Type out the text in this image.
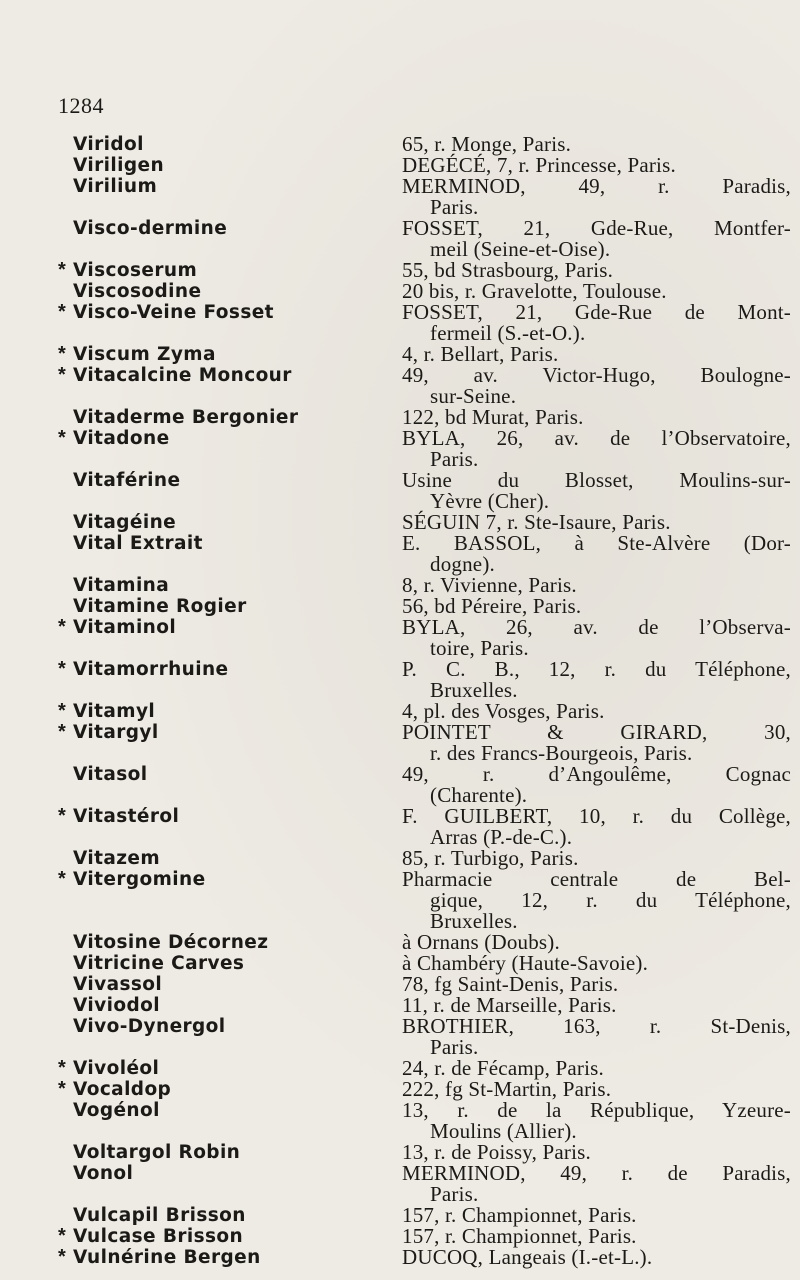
1284
Viridol	65, r. Monge, Paris.
Viriligen	DEGÉCÉ, 7, r. Princesse, Paris.
Virilium	MERMINOD, 49, r. Paradis,
Paris.
Visco-dermine	FOSSET, 21, Gde-Rue, Montfer-
meil (Seine-et-Oise).
* Viscoserum	55, bd Strasbourg, Paris.
Viscosodine	20 bis, r. Gravelotte, Toulouse.
* Visco-Veine Fosset	FOSSET, 21, Gde-Rue de Mont-
fermeil (S.-et-O.).
* Viscum Zyma	4, r. Bellart, Paris.
* Vitacalcine Moncour	49, av. Victor-Hugo, Boulogne-
sur-Seine.
Vitaderme Bergonier	122, bd Murat, Paris.
* Vitadone	BYLA, 26, av. de l’Observatoire,
Paris.
Vitaférine	Usine du Blosset, Moulins-sur-
Yèvre (Cher).
Vitagéine	SÉGUIN 7, r. Ste-Isaure, Paris.
Vital Extrait	E. BASSOL, à Ste-Alvère (Dor-
dogne).
Vitamina	8, r. Vivienne, Paris.
Vitamine Rogier	56, bd Péreire, Paris.
* Vitaminol	BYLA, 26, av. de l’Observa-
toire, Paris.
* Vitamorrhuine	P. C. B., 12, r. du Téléphone,
Bruxelles.
* Vitamyl	4, pl. des Vosges, Paris.
* Vitargyl	POINTET & GIRARD, 30,
r. des Francs-Bourgeois, Paris.
Vitasol	49, r. d’Angoulême, Cognac
(Charente).
* Vitastérol	F. GUILBERT, 10, r. du Collège,
Arras (P.-de-C.).
Vitazem	85, r. Turbigo, Paris.
* Vitergomine	Pharmacie centrale de Bel-
gique, 12, r. du Téléphone,
Bruxelles.
Vitosine Décornez	à Ornans (Doubs).
Vitricine Carves	à Chambéry (Haute-Savoie).
Vivassol	78, fg Saint-Denis, Paris.
Viviodol	11, r. de Marseille, Paris.
Vivo-Dynergol	BROTHIER, 163, r. St-Denis,
Paris.
* Vivoléol	24, r. de Fécamp, Paris.
* Vocaldop	222, fg St-Martin, Paris.
Vogénol	13, r. de la République, Yzeure-
Moulins (Allier).
Voltargol Robin	13, r. de Poissy, Paris.
Vonol	MERMINOD, 49, r. de Paradis,
Paris.
Vulcapil Brisson	157, r. Championnet, Paris.
* Vulcase Brisson	157, r. Championnet, Paris.
* Vulnérine Bergen	DUCOQ, Langeais (I.-et-L.).
